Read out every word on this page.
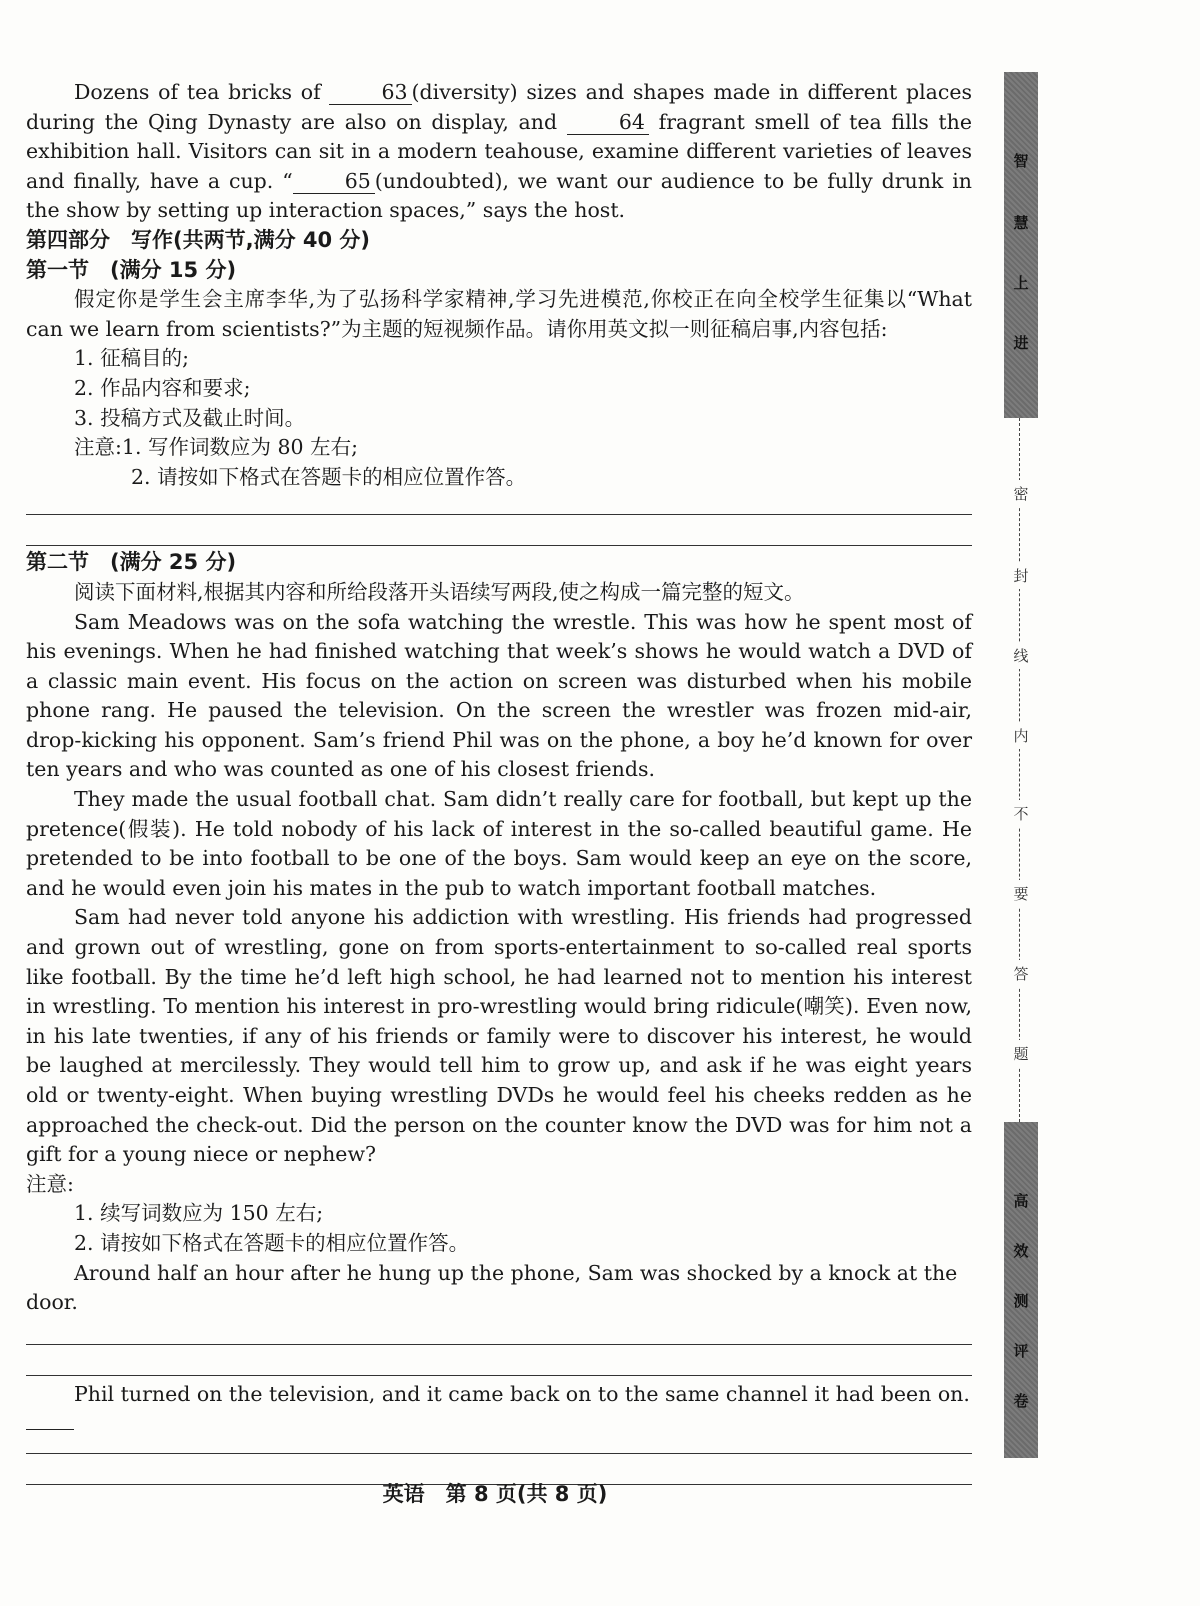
Dozens of tea bricks of	63 (diversity) sizes and shapes made in different places during the Qing Dynasty are also on display, and	64 fragrant smell of tea fills the exhibition hall. Visitors can sit in a modern teahouse, examine different varieties of leaves and finally, have a cup. “	65 (undoubted), we want our audience to be fully drunk in the show by setting up interaction spaces,” says the host.

第四部分　写作(共两节,满分 40 分)

第一节　(满分 15 分)

假定你是学生会主席李华,为了弘扬科学家精神,学习先进模范,你校正在向全校学生征集以“What can we learn from scientists?”为主题的短视频作品。请你用英文拟一则征稿启事,内容包括:

1. 征稿目的;

2. 作品内容和要求;

3. 投稿方式及截止时间。

注意:1. 写作词数应为 80 左右;

2. 请按如下格式在答题卡的相应位置作答。

第二节　(满分 25 分)

阅读下面材料,根据其内容和所给段落开头语续写两段,使之构成一篇完整的短文。

Sam Meadows was on the sofa watching the wrestle. This was how he spent most of his evenings. When he had finished watching that week’s shows he would watch a DVD of a classic main event. His focus on the action on screen was disturbed when his mobile phone rang. He paused the television. On the screen the wrestler was frozen mid-air, drop-kicking his opponent. Sam’s friend Phil was on the phone, a boy he’d known for over ten years and who was counted as one of his closest friends.

They made the usual football chat. Sam didn’t really care for football, but kept up the pretence(假装). He told nobody of his lack of interest in the so-called beautiful game. He pretended to be into football to be one of the boys. Sam would keep an eye on the score, and he would even join his mates in the pub to watch important football matches.

Sam had never told anyone his addiction with wrestling. His friends had progressed and grown out of wrestling, gone on from sports-entertainment to so-called real sports like football. By the time he’d left high school, he had learned not to mention his interest in wrestling. To mention his interest in pro-wrestling would bring ridicule(嘲笑). Even now, in his late twenties, if any of his friends or family were to discover his interest, he would be laughed at mercilessly. They would tell him to grow up, and ask if he was eight years old or twenty-eight. When buying wrestling DVDs he would feel his cheeks redden as he approached the check-out. Did the person on the counter know the DVD was for him not a gift for a young niece or nephew?

注意:

1. 续写词数应为 150 左右;

2. 请按如下格式在答题卡的相应位置作答。

Around half an hour after he hung up the phone, Sam was shocked by a knock at the door.

Phil turned on the television, and it came back on to the same channel it had been on.

英语　第 8 页(共 8 页)
智
慧
上
进
密
封
线
内
不
要
答
题
高
效
测
评
卷
